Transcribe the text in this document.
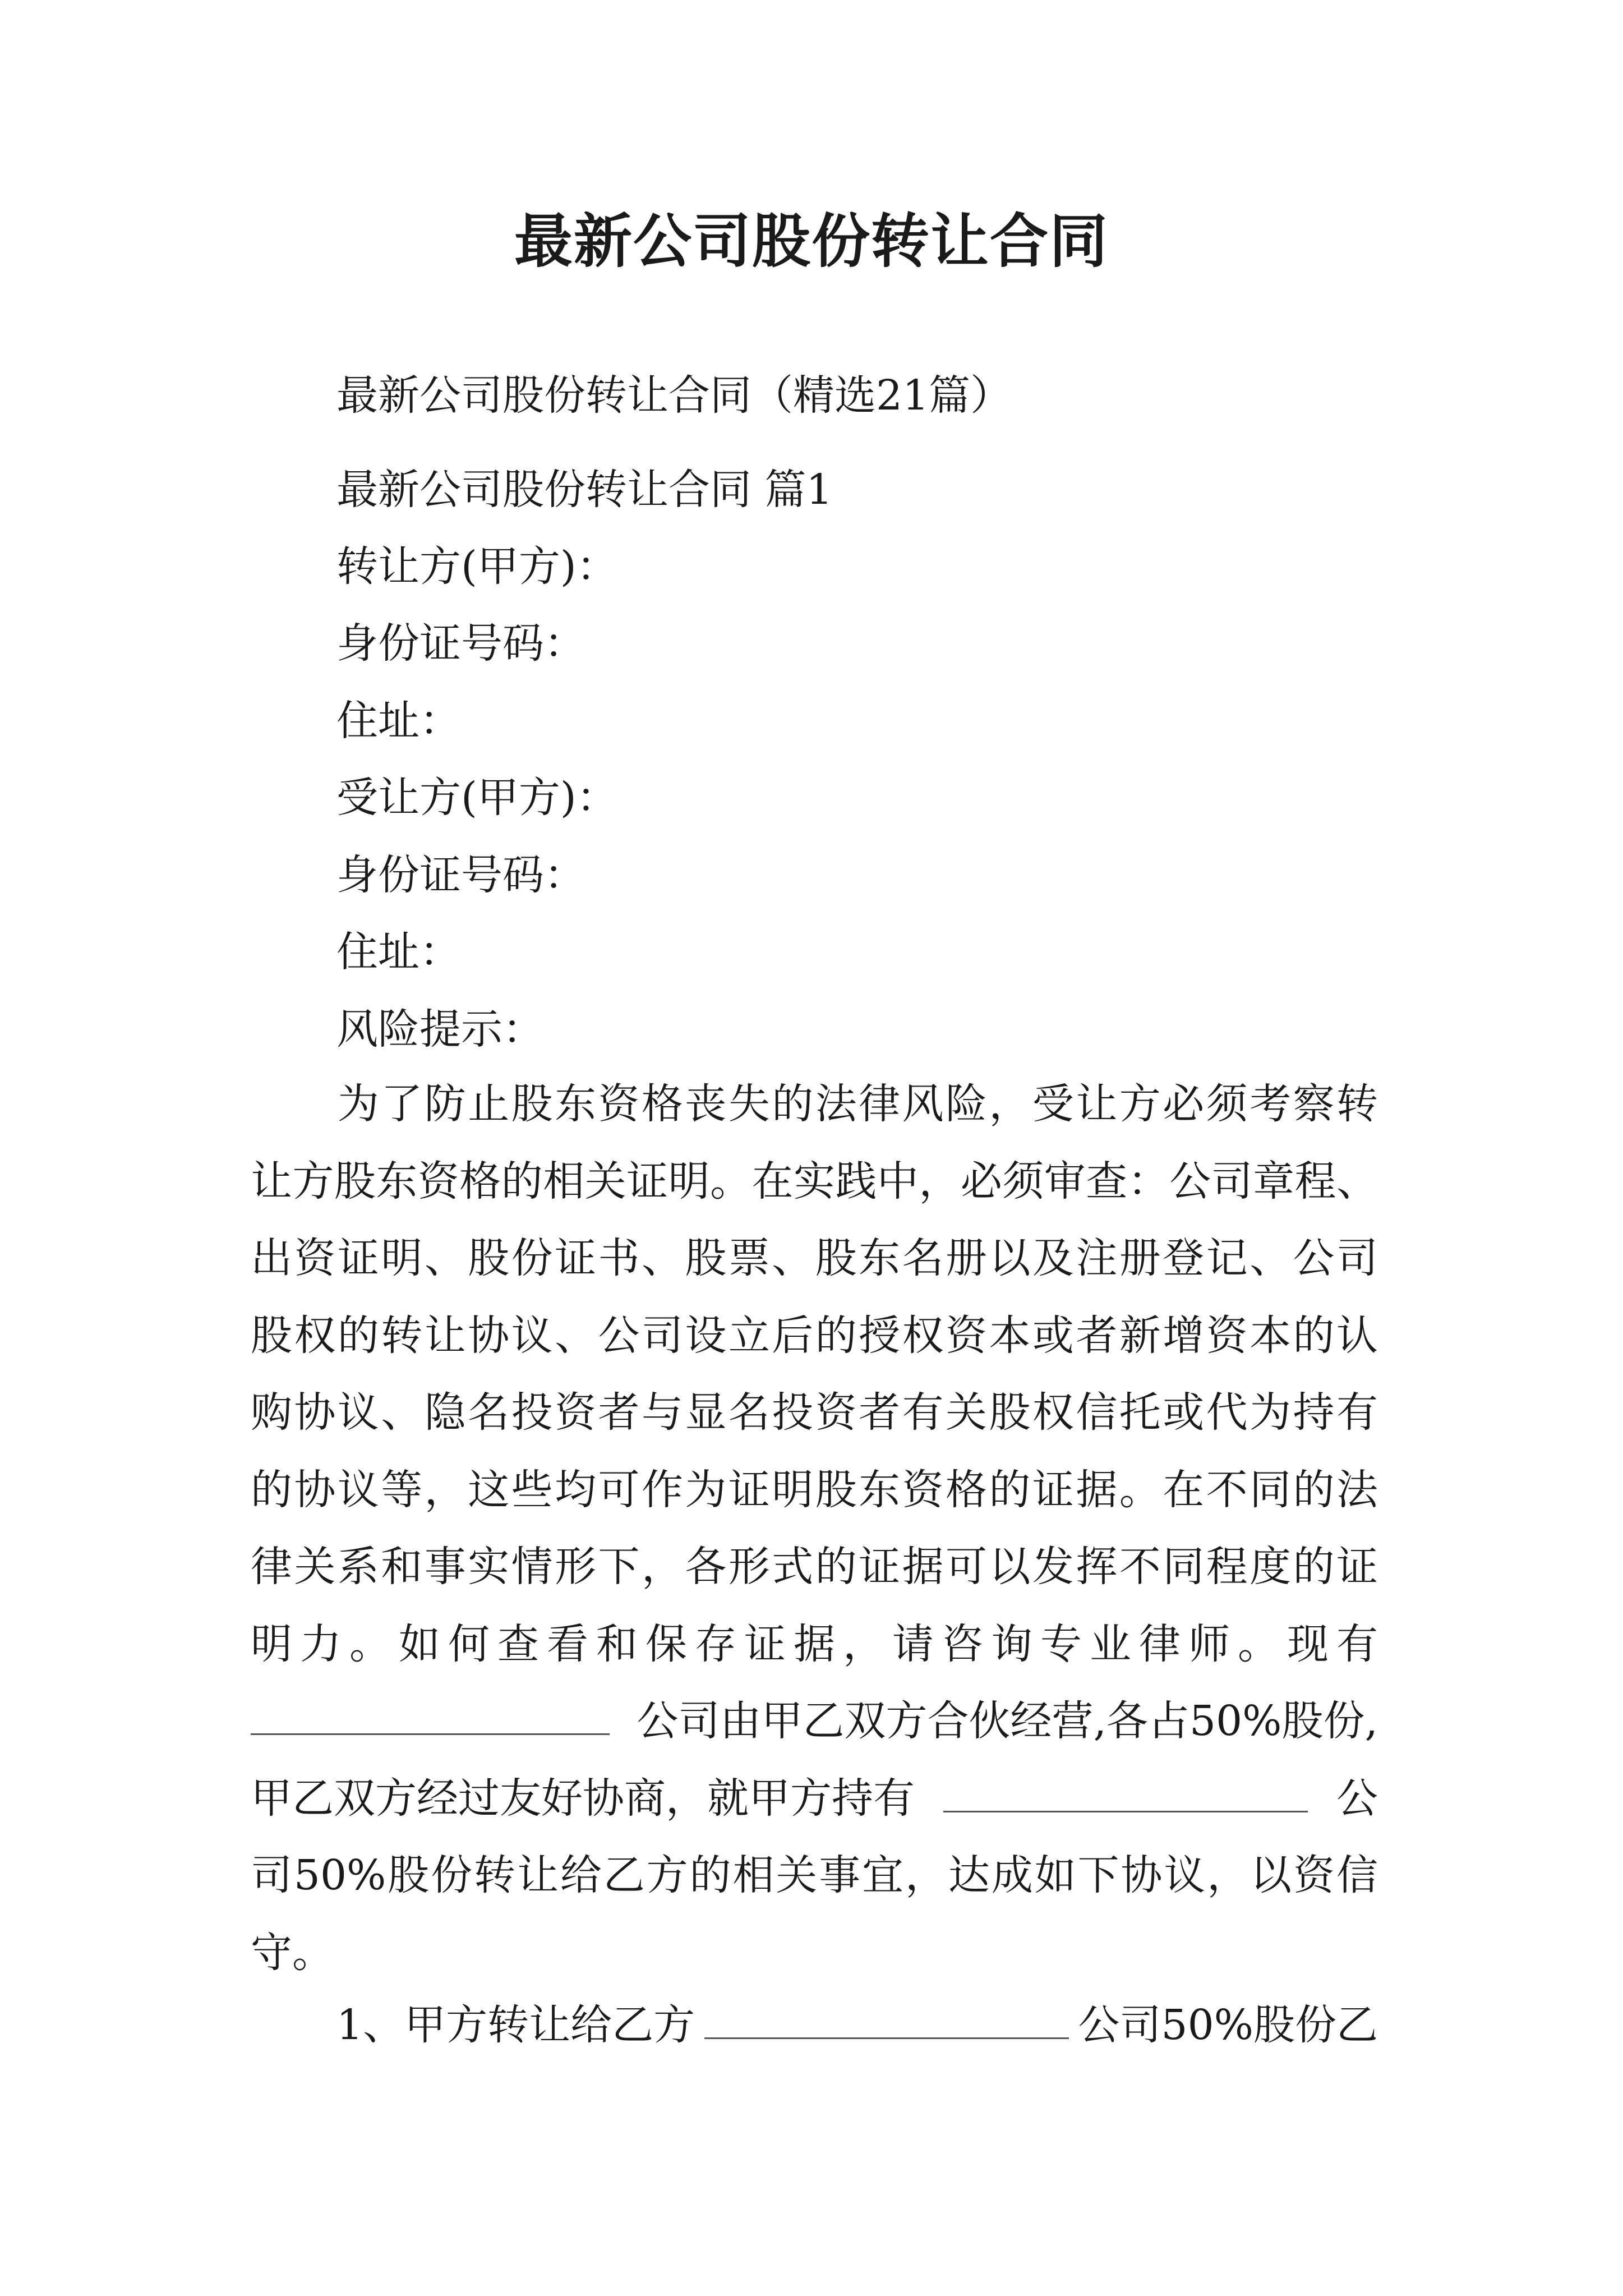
最新公司股份转让合同
最新公司股份转让合同（精选21篇）
最新公司股份转让合同 篇1
转让方(甲方)：
身份证号码：
住址：
受让方(甲方)：
身份证号码：
住址：
风险提示：
　　为了防止股东资格丧失的法律风险，受让方必须考察转
让方股东资格的相关证明。在实践中，必须审查：公司章程、
出资证明、股份证书、股票、股东名册以及注册登记、公司
股权的转让协议、公司设立后的授权资本或者新增资本的认
购协议、隐名投资者与显名投资者有关股权信托或代为持有
的协议等，这些均可作为证明股东资格的证据。在不同的法
律关系和事实情形下，各形式的证据可以发挥不同程度的证
明力。如何查看和保存证据，请咨询专业律师。现有
公司由甲乙双方合伙经营,各占50%股份,
甲乙双方经过友好协商，就甲方持有	公
司50%股份转让给乙方的相关事宜，达成如下协议，以资信
守。
1、甲方转让给乙方	公司50%股份乙
